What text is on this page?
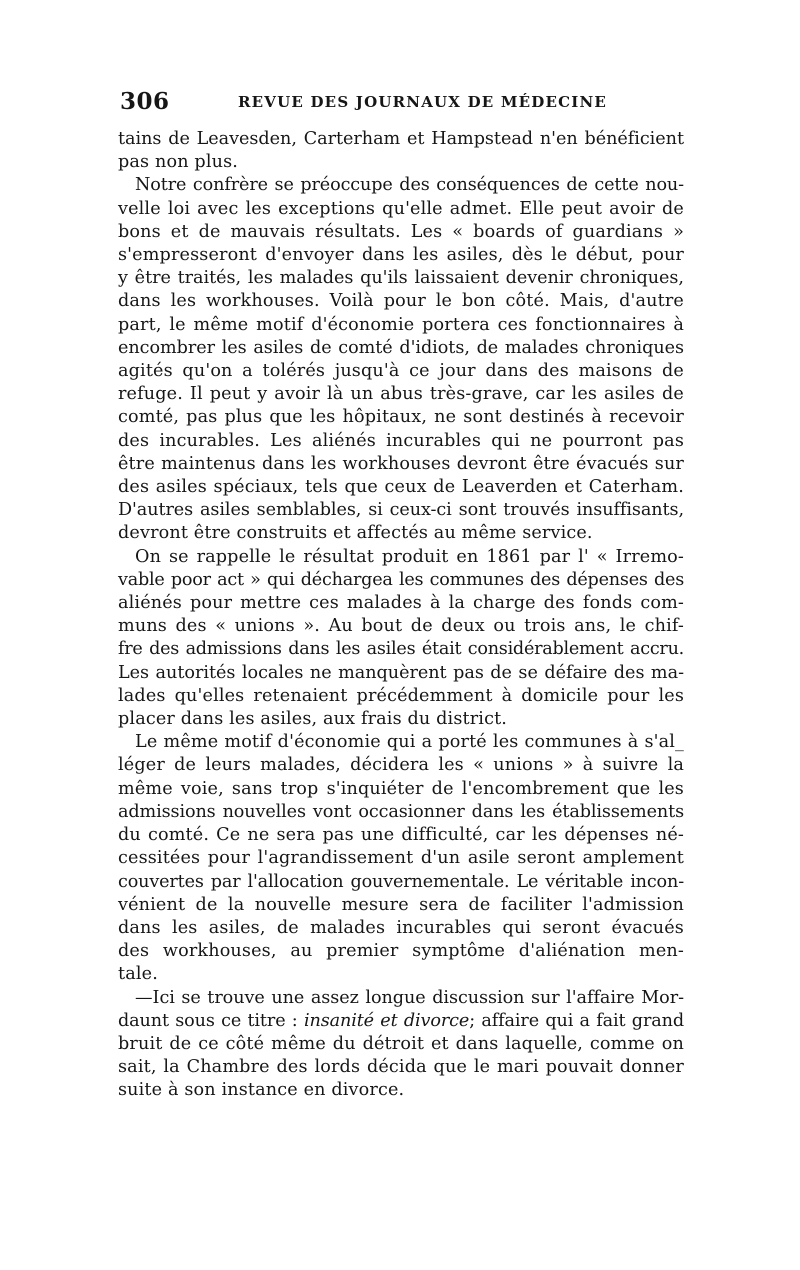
306	REVUE DES JOURNAUX DE MÉDECINE
tains de Leavesden, Carterham et Hampstead n'en bénéficient
pas non plus.
Notre confrère se préoccupe des conséquences de cette nou-
velle loi avec les exceptions qu'elle admet. Elle peut avoir de
bons et de mauvais résultats. Les « boards of guardians »
s'empresseront d'envoyer dans les asiles, dès le début, pour
y être traités, les malades qu'ils laissaient devenir chroniques,
dans les workhouses. Voilà pour le bon côté. Mais, d'autre
part, le même motif d'économie portera ces fonctionnaires à
encombrer les asiles de comté d'idiots, de malades chroniques
agités qu'on a tolérés jusqu'à ce jour dans des maisons de
refuge. Il peut y avoir là un abus très-grave, car les asiles de
comté, pas plus que les hôpitaux, ne sont destinés à recevoir
des incurables. Les aliénés incurables qui ne pourront pas
être maintenus dans les workhouses devront être évacués sur
des asiles spéciaux, tels que ceux de Leaverden et Caterham.
D'autres asiles semblables, si ceux-ci sont trouvés insuffisants,
devront être construits et affectés au même service.
On se rappelle le résultat produit en 1861 par l' « Irremo-
vable poor act » qui déchargea les communes des dépenses des
aliénés pour mettre ces malades à la charge des fonds com-
muns des « unions ». Au bout de deux ou trois ans, le chif-
fre des admissions dans les asiles était considérablement accru.
Les autorités locales ne manquèrent pas de se défaire des ma-
lades qu'elles retenaient précédemment à domicile pour les
placer dans les asiles, aux frais du district.
Le même motif d'économie qui a porté les communes à s'al_
léger de leurs malades, décidera les « unions » à suivre la
même voie, sans trop s'inquiéter de l'encombrement que les
admissions nouvelles vont occasionner dans les établissements
du comté. Ce ne sera pas une difficulté, car les dépenses né-
cessitées pour l'agrandissement d'un asile seront amplement
couvertes par l'allocation gouvernementale. Le véritable incon-
vénient de la nouvelle mesure sera de faciliter l'admission
dans les asiles, de malades incurables qui seront évacués
des workhouses, au premier symptôme d'aliénation men-
tale.
—Ici se trouve une assez longue discussion sur l'affaire Mor-
daunt sous ce titre : insanité et divorce; affaire qui a fait grand
bruit de ce côté même du détroit et dans laquelle, comme on
sait, la Chambre des lords décida que le mari pouvait donner
suite à son instance en divorce.
